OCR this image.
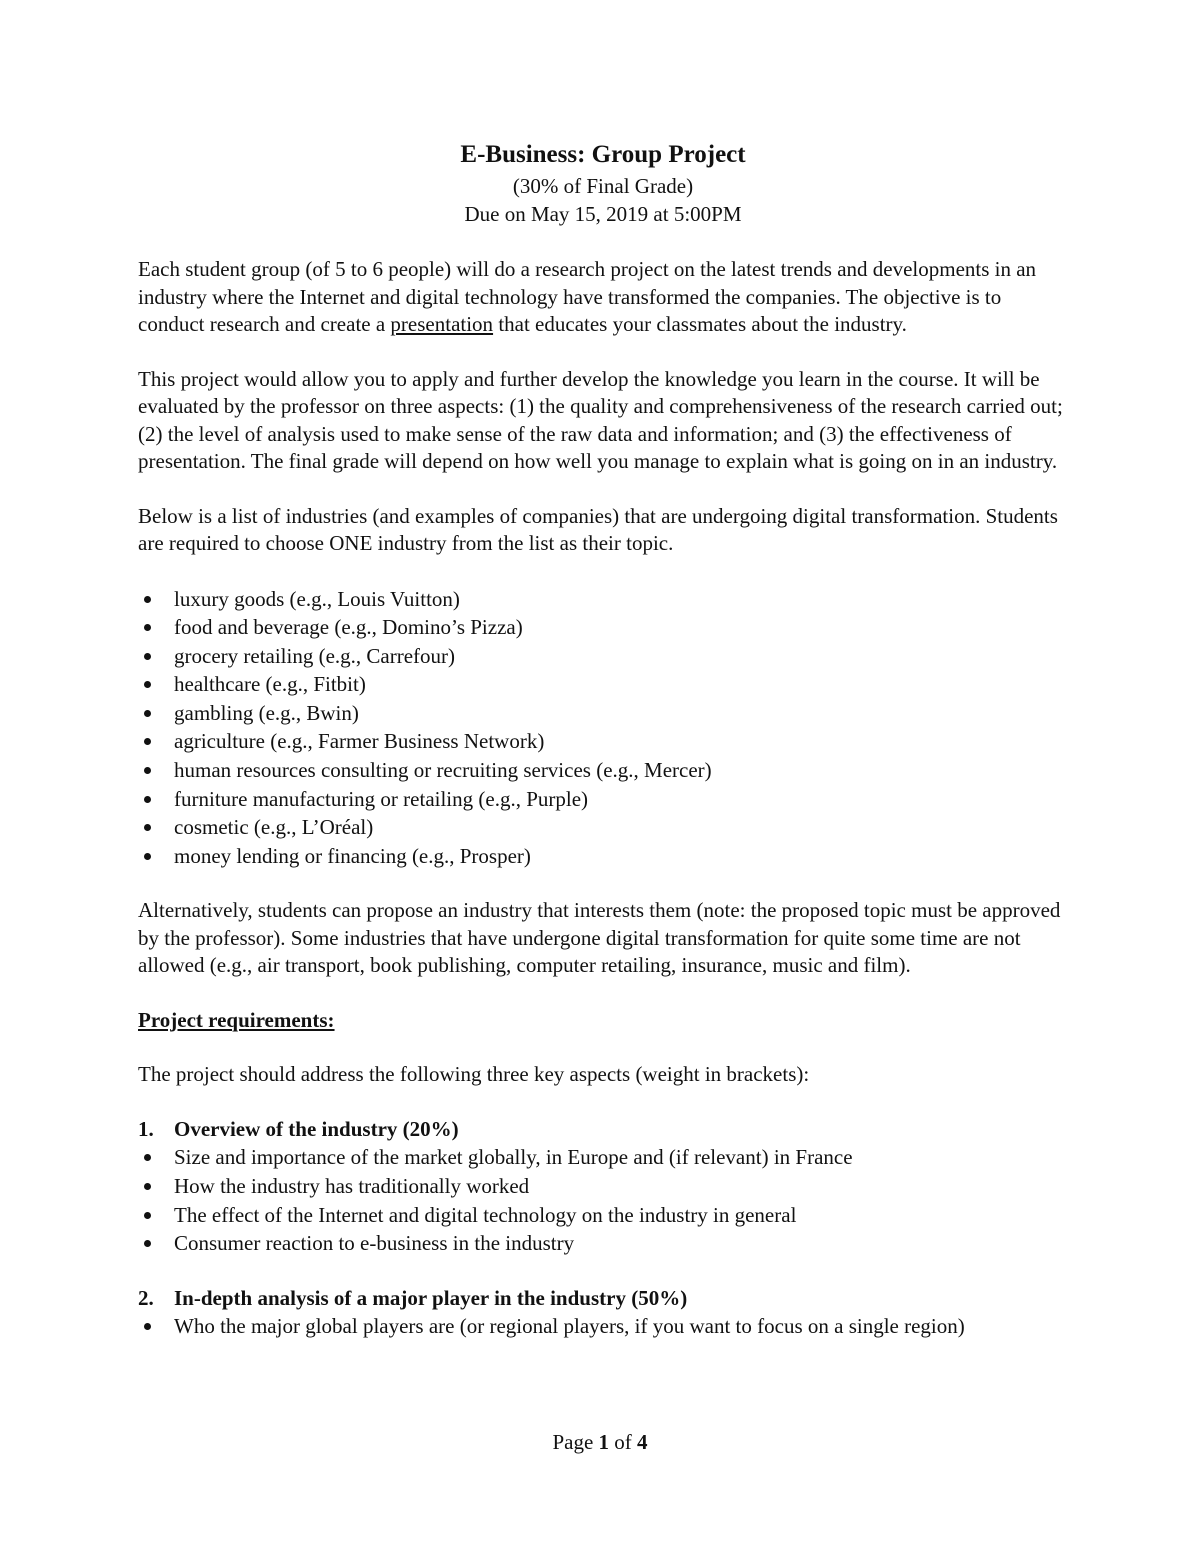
E-Business: Group Project
(30% of Final Grade)
Due on May 15, 2019 at 5:00PM

Each student group (of 5 to 6 people) will do a research project on the latest trends and developments in an industry where the Internet and digital technology have transformed the companies. The objective is to conduct research and create a presentation that educates your classmates about the industry.

This project would allow you to apply and further develop the knowledge you learn in the course. It will be evaluated by the professor on three aspects: (1) the quality and comprehensiveness of the research carried out; (2) the level of analysis used to make sense of the raw data and information; and (3) the effectiveness of presentation. The final grade will depend on how well you manage to explain what is going on in an industry.

Below is a list of industries (and examples of companies) that are undergoing digital transformation. Students are required to choose ONE industry from the list as their topic.

luxury goods (e.g., Louis Vuitton)
food and beverage (e.g., Domino’s Pizza)
grocery retailing (e.g., Carrefour)
healthcare (e.g., Fitbit)
gambling (e.g., Bwin)
agriculture (e.g., Farmer Business Network)
human resources consulting or recruiting services (e.g., Mercer)
furniture manufacturing or retailing (e.g., Purple)
cosmetic (e.g., L’Oréal)
money lending or financing (e.g., Prosper)

Alternatively, students can propose an industry that interests them (note: the proposed topic must be approved by the professor). Some industries that have undergone digital transformation for quite some time are not allowed (e.g., air transport, book publishing, computer retailing, insurance, music and film).

Project requirements:

The project should address the following three key aspects (weight in brackets):

1. Overview of the industry (20%)
Size and importance of the market globally, in Europe and (if relevant) in France
How the industry has traditionally worked
The effect of the Internet and digital technology on the industry in general
Consumer reaction to e-business in the industry
2. In-depth analysis of a major player in the industry (50%)
Who the major global players are (or regional players, if you want to focus on a single region)
Page 1 of 4
